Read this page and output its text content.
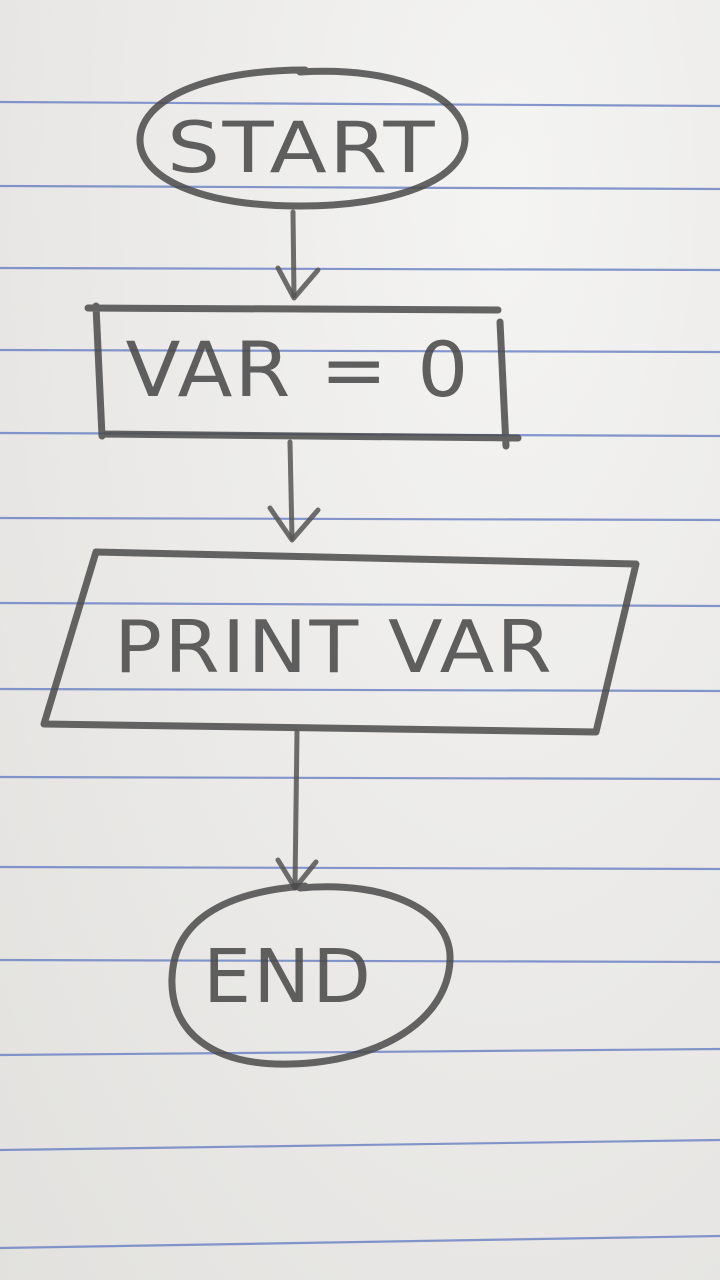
START
VAR = 0
PRINT VAR
END
